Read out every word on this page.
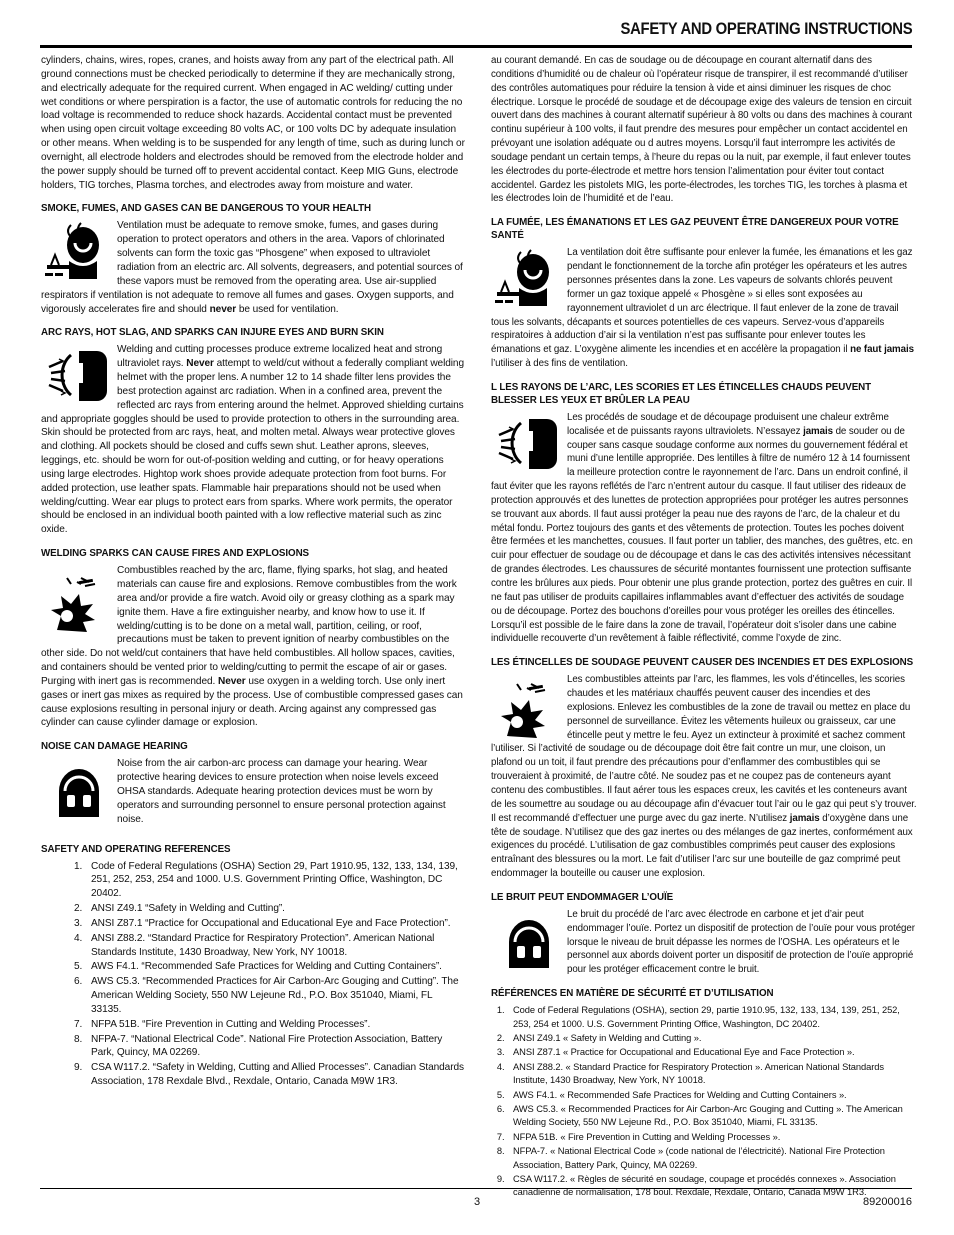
SAFETY AND OPERATING INSTRUCTIONS

cylinders, chains, wires, ropes, cranes, and hoists away from any part of the electrical path. All ground connections must be checked periodically to determine if they are mechanically strong, and electrically adequate for the required current. When engaged in AC welding/ cutting under wet conditions or where perspiration is a factor, the use of automatic controls for reducing the no load voltage is recommended to reduce shock hazards. Accidental contact must be prevented when using open circuit voltage exceeding 80 volts AC, or 100 volts DC by adequate insulation or other means. When welding is to be suspended for any length of time, such as during lunch or overnight, all electrode holders and electrodes should be removed from the electrode holder and the power supply should be turned off to prevent accidental contact. Keep MIG Guns, electrode holders, TIG torches, Plasma torches, and electrodes away from moisture and water.

SMOKE, FUMES, AND GASES CAN BE DANGEROUS TO YOUR HEALTH

Ventilation must be adequate to remove smoke, fumes, and gases during operation to protect operators and others in the area. Vapors of chlorinated solvents can form the toxic gas “Phosgene” when exposed to ultraviolet radiation from an electric arc. All solvents, degreasers, and potential sources of these vapors must be removed from the operating area. Use air-supplied respirators if ventilation is not adequate to remove all fumes and gases. Oxygen supports, and vigorously accelerates fire and should never be used for ventilation.

ARC RAYS, HOT SLAG, AND SPARKS CAN INJURE EYES AND BURN SKIN

Welding and cutting processes produce extreme localized heat and strong ultraviolet rays. Never attempt to weld/cut without a federally compliant welding helmet with the proper lens. A number 12 to 14 shade filter lens provides the best protection against arc radiation. When in a confined area, prevent the reflected arc rays from entering around the helmet. Approved shielding curtains and appropriate goggles should be used to provide protection to others in the surrounding area. Skin should be protected from arc rays, heat, and molten metal. Always wear protective gloves and clothing. All pockets should be closed and cuffs sewn shut. Leather aprons, sleeves, leggings, etc. should be worn for out-of-position welding and cutting, or for heavy operations using large electrodes. Hightop work shoes provide adequate protection from foot burns. For added protection, use leather spats. Flammable hair preparations should not be used when welding/cutting. Wear ear plugs to protect ears from sparks. Where work permits, the operator should be enclosed in an individual booth painted with a low reflective material such as zinc oxide.

WELDING SPARKS CAN CAUSE FIRES AND EXPLOSIONS

Combustibles reached by the arc, flame, flying sparks, hot slag, and heated materials can cause fire and explosions. Remove combustibles from the work area and/or provide a fire watch. Avoid oily or greasy clothing as a spark may ignite them. Have a fire extinguisher nearby, and know how to use it. If welding/cutting is to be done on a metal wall, partition, ceiling, or roof, precautions must be taken to prevent ignition of nearby combustibles on the other side. Do not weld/cut containers that have held combustibles. All hollow spaces, cavities, and containers should be vented prior to welding/cutting to permit the escape of air or gases. Purging with inert gas is recommended. Never use oxygen in a welding torch. Use only inert gases or inert gas mixes as required by the process. Use of combustible compressed gases can cause explosions resulting in personal injury or death. Arcing against any compressed gas cylinder can cause cylinder damage or explosion.

NOISE CAN DAMAGE HEARING

Noise from the air carbon-arc process can damage your hearing. Wear protective hearing devices to ensure protection when noise levels exceed OHSA standards. Adequate hearing protection devices must be worn by operators and surrounding personnel to ensure personal protection against noise.

SAFETY AND OPERATING REFERENCES
1. Code of Federal Regulations (OSHA) Section 29, Part 1910.95, 132, 133, 134, 139, 251, 252, 253, 254 and 1000. U.S. Government Printing Office, Washington, DC 20402.
2. ANSI Z49.1 “Safety in Welding and Cutting”.
3. ANSI Z87.1 “Practice for Occupational and Educational Eye and Face Protection”.
4. ANSI Z88.2. “Standard Practice for Respiratory Protection”. American National Standards Institute, 1430 Broadway, New York, NY 10018.
5. AWS F4.1. “Recommended Safe Practices for Welding and Cutting Containers”.
6. AWS C5.3. “Recommended Practices for Air Carbon-Arc Gouging and Cutting”. The American Welding Society, 550 NW Lejeune Rd., P.O. Box 351040, Miami, FL 33135.
7. NFPA 51B. “Fire Prevention in Cutting and Welding Processes”.
8. NFPA-7. “National Electrical Code”. National Fire Protection Association, Battery Park, Quincy, MA 02269.
9. CSA W117.2. “Safety in Welding, Cutting and Allied Processes”. Canadian Standards Association, 178 Rexdale Blvd., Rexdale, Ontario, Canada M9W 1R3.

au courant demandé. En cas de soudage ou de découpage en courant alternatif dans des conditions d’humidité ou de chaleur où l’opérateur risque de transpirer, il est recommandé d’utiliser des contrôles automatiques pour réduire la tension à vide et ainsi diminuer les risques de choc électrique. Lorsque le procédé de soudage et de découpage exige des valeurs de tension en circuit ouvert dans des machines à courant alternatif supérieur à 80 volts ou dans des machines à courant continu supérieur à 100 volts, il faut prendre des mesures pour empêcher un contact accidentel en prévoyant une isolation adéquate ou d autres moyens. Lorsqu’il faut interrompre les activités de soudage pendant un certain temps, à l’heure du repas ou la nuit, par exemple, il faut enlever toutes les électrodes du porte-électrode et mettre hors tension l’alimentation pour éviter tout contact accidentel. Gardez les pistolets MIG, les porte-électrodes, les torches TIG, les torches à plasma et les électrodes loin de l’humidité et de l’eau.

LA FUMÉE, LES ÉMANATIONS ET LES GAZ PEUVENT ÊTRE DANGEREUX POUR VOTRE SANTÉ

La ventilation doit être suffisante pour enlever la fumée, les émanations et les gaz pendant le fonctionnement de la torche afin protéger les opérateurs et les autres personnes présentes dans la zone. Les vapeurs de solvants chlorés peuvent former un gaz toxique appelé « Phosgène » si elles sont exposées au rayonnement ultraviolet d un arc électrique. Il faut enlever de la zone de travail tous les solvants, décapants et sources potentielles de ces vapeurs. Servez-vous d’appareils respiratoires à adduction d’air si la ventilation n’est pas suffisante pour enlever toutes les émanations et gaz. L’oxygène alimente les incendies et en accélère la propagation il ne faut jamais l’utiliser à des fins de ventilation.

L LES RAYONS DE L’ARC, LES SCORIES ET LES ÉTINCELLES CHAUDS PEUVENT BLESSER LES YEUX ET BRÛLER LA PEAU

Les procédés de soudage et de découpage produisent une chaleur extrême localisée et de puissants rayons ultraviolets. N’essayez jamais de souder ou de couper sans casque soudage conforme aux normes du gouvernement fédéral et muni d’une lentille appropriée. Des lentilles à filtre de numéro 12 à 14 fournissent la meilleure protection contre le rayonnement de l’arc. Dans un endroit confiné, il faut éviter que les rayons reflétés de l’arc n’entrent autour du casque. Il faut utiliser des rideaux de protection approuvés et des lunettes de protection appropriées pour protéger les autres personnes se trouvant aux abords. Il faut aussi protéger la peau nue des rayons de l’arc, de la chaleur et du métal fondu. Portez toujours des gants et des vêtements de protection. Toutes les poches doivent être fermées et les manchettes, cousues. Il faut porter un tablier, des manches, des guêtres, etc. en cuir pour effectuer de soudage ou de découpage et dans le cas des activités intensives nécessitant de grandes électrodes. Les chaussures de sécurité montantes fournissent une protection suffisante contre les brûlures aux pieds. Pour obtenir une plus grande protection, portez des guêtres en cuir. Il ne faut pas utiliser de produits capillaires inflammables avant d’effectuer des activités de soudage ou de découpage. Portez des bouchons d’oreilles pour vous protéger les oreilles des étincelles. Lorsqu’il est possible de le faire dans la zone de travail, l’opérateur doit s’isoler dans une cabine individuelle recouverte d’un revêtement à faible réflectivité, comme l’oxyde de zinc.

LES ÉTINCELLES DE SOUDAGE PEUVENT CAUSER DES INCENDIES ET DES EXPLOSIONS

Les combustibles atteints par l’arc, les flammes, les vols d’étincelles, les scories chaudes et les matériaux chauffés peuvent causer des incendies et des explosions. Enlevez les combustibles de la zone de travail ou mettez en place du personnel de surveillance. Évitez les vêtements huileux ou graisseux, car une étincelle peut y mettre le feu. Ayez un extincteur à proximité et sachez comment l’utiliser. Si l’activité de soudage ou de découpage doit être fait contre un mur, une cloison, un plafond ou un toit, il faut prendre des précautions pour d’enflammer des combustibles qui se trouveraient à proximité, de l’autre côté. Ne soudez pas et ne coupez pas de conteneurs ayant contenu des combustibles. Il faut aérer tous les espaces creux, les cavités et les conteneurs avant de les soumettre au soudage ou au découpage afin d’évacuer tout l’air ou le gaz qui peut s’y trouver. Il est recommandé d’effectuer une purge avec du gaz inerte. N’utilisez jamais d’oxygène dans une tête de soudage. N’utilisez que des gaz inertes ou des mélanges de gaz inertes, conformément aux exigences du procédé. L’utilisation de gaz combustibles comprimés peut causer des explosions entraînant des blessures ou la mort. Le fait d’utiliser l’arc sur une bouteille de gaz comprimé peut endommager la bouteille ou causer une explosion.

LE BRUIT PEUT ENDOMMAGER L’OUÏE

Le bruit du procédé de l’arc avec électrode en carbone et jet d’air peut endommager l’ouïe. Portez un dispositif de protection de l’ouïe pour vous protéger lorsque le niveau de bruit dépasse les normes de l’OSHA. Les opérateurs et le personnel aux abords doivent porter un dispositif de protection de l’ouïe approprié pour les protéger efficacement contre le bruit.

RÉFÉRENCES EN MATIÈRE DE SÉCURITÉ ET D’UTILISATION
1. Code of Federal Regulations (OSHA), section 29, partie 1910.95, 132, 133, 134, 139, 251, 252, 253, 254 et 1000. U.S. Government Printing Office, Washington, DC 20402.
2. ANSI Z49.1 « Safety in Welding and Cutting ».
3. ANSI Z87.1 « Practice for Occupational and Educational Eye and Face Protection ».
4. ANSI Z88.2. « Standard Practice for Respiratory Protection ». American National Standards Institute, 1430 Broadway, New York, NY 10018.
5. AWS F4.1. « Recommended Safe Practices for Welding and Cutting Containers ».
6. AWS C5.3. « Recommended Practices for Air Carbon-Arc Gouging and Cutting ». The American Welding Society, 550 NW Lejeune Rd., P.O. Box 351040, Miami, FL 33135.
7. NFPA 51B. « Fire Prevention in Cutting and Welding Processes ».
8. NFPA-7. « National Electrical Code » (code national de l’électricité). National Fire Protection Association, Battery Park, Quincy, MA 02269.
9. CSA W117.2. « Règles de sécurité en soudage, coupage et procédés connexes ». Association canadienne de normalisation, 178 boul. Rexdale, Rexdale, Ontario, Canada M9W 1R3.
3	89200016
